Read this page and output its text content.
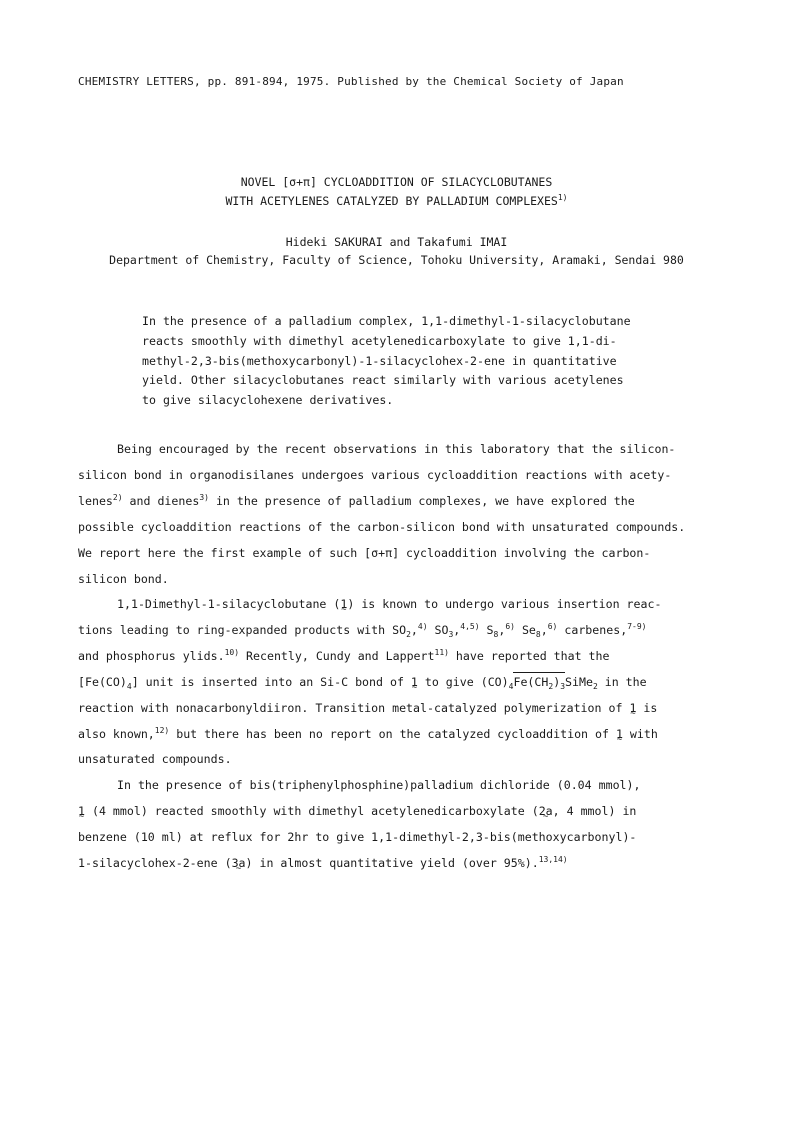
CHEMISTRY LETTERS, pp. 891-894, 1975. Published by the Chemical Society of Japan
NOVEL [σ+π] CYCLOADDITION OF SILACYCLOBUTANES
WITH ACETYLENES CATALYZED BY PALLADIUM COMPLEXES$^{1)}$
Hideki SAKURAI and Takafumi IMAI
Department of Chemistry, Faculty of Science, Tohoku University, Aramaki, Sendai 980
In the presence of a palladium complex, 1,1-dimethyl-1-silacyclobutane
reacts smoothly with dimethyl acetylenedicarboxylate to give 1,1-di-
methyl-2,3-bis(methoxycarbonyl)-1-silacyclohex-2-ene in quantitative
yield. Other silacyclobutanes react similarly with various acetylenes
to give silacyclohexene derivatives.
Being encouraged by the recent observations in this laboratory that the silicon-
silicon bond in organodisilanes undergoes various cycloaddition reactions with acety-
lenes$^{2)}$ and dienes$^{3)}$ in the presence of palladium complexes, we have explored the
possible cycloaddition reactions of the carbon-silicon bond with unsaturated compounds.
We report here the first example of such [σ+π] cycloaddition involving the carbon-
silicon bond.
1,1-Dimethyl-1-silacyclobutane (1 ~) is known to undergo various insertion reac-
tions leading to ring-expanded products with $SO_2,^{4)}$ $SO_3,^{4,5)}$ $S_8,^{6)}$ $Se_8,^{6)}$ carbenes,$^{7-9)}$
and phosphorus ylids.$^{10)}$ Recently, Cundy and Lappert$^{11)}$ have reported that the
$[Fe(CO)_4]$ unit is inserted into an Si-C bond of 1 ~ to give $(CO)_4Fe(CH_2)_3SiMe_2$ in the
reaction with nonacarbonyldiiron. Transition metal-catalyzed polymerization of 1 ~ is
also known,$^{12)}$ but there has been no report on the catalyzed cycloaddition of 1 ~ with
unsaturated compounds.
In the presence of bis(triphenylphosphine)palladium dichloride (0.04 mmol),
1 ~ (4 mmol) reacted smoothly with dimethyl acetylenedicarboxylate (2a ~, 4 mmol) in
benzene (10 ml) at reflux for 2hr to give 1,1-dimethyl-2,3-bis(methoxycarbonyl)-
1-silacyclohex-2-ene (3a ~) in almost quantitative yield (over 95%).$^{13,14)}$
